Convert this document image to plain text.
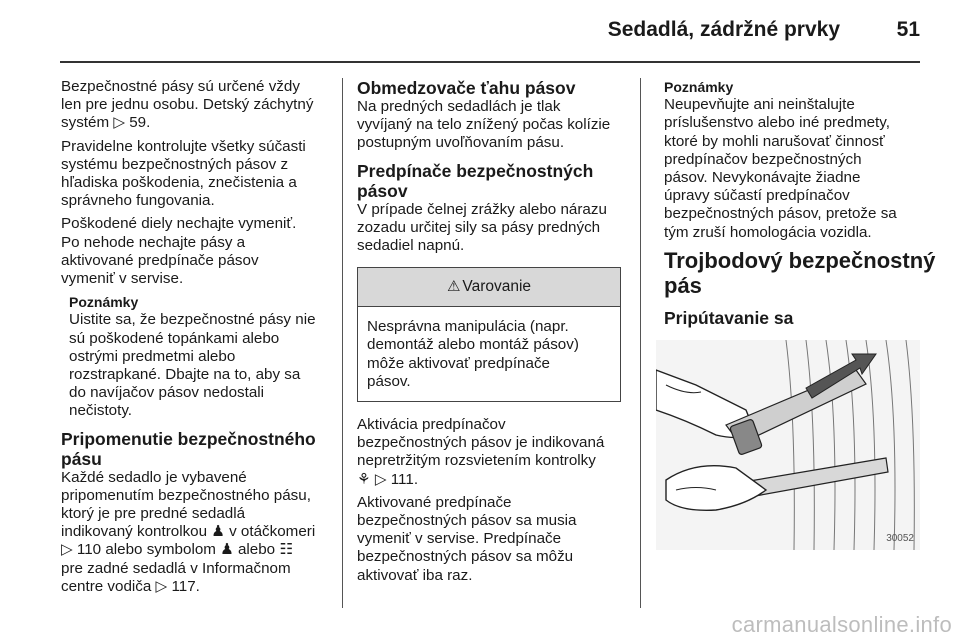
Sedadlá, zádržné prvky	51

Bezpečnostné pásy sú určené vždy
len pre jednu osobu. Detský záchytný
systém ▷ 59.

Pravidelne kontrolujte všetky súčasti
systému bezpečnostných pásov z
hľadiska poškodenia, znečistenia a
správneho fungovania.

Poškodené diely nechajte vymeniť.
Po nehode nechajte pásy a
aktivované predpínače pásov
vymeniť v servise.

Poznámky
Uistite sa, že bezpečnostné pásy nie
sú poškodené topánkami alebo
ostrými predmetmi alebo
rozstrapkané. Dbajte na to, aby sa
do navíjačov pásov nedostali
nečistoty.
Pripomenutie bezpečnostného
pásu

Každé sedadlo je vybavené
pripomenutím bezpečnostného pásu,
ktorý je pre predné sedadlá
indikovaný kontrolkou ♟ v otáčkomeri
▷ 110 alebo symbolom ♟ alebo ☷
pre zadné sedadlá v Informačnom
centre vodiča ▷ 117.

Obmedzovače ťahu pásov

Na predných sedadlách je tlak
vyvíjaný na telo znížený počas kolízie
postupným uvoľňovaním pásu.

Predpínače bezpečnostných
pásov

V prípade čelnej zrážky alebo nárazu
zozadu určitej sily sa pásy predných
sedadiel napnú.

⚠ Varovanie
Nesprávna manipulácia (napr.
demontáž alebo montáž pásov)
môže aktivovať predpínače
pásov.

Aktivácia predpínačov
bezpečnostných pásov je indikovaná
nepretržitým rozsvietením kontrolky
⚘ ▷ 111.

Aktivované predpínače
bezpečnostných pásov sa musia
vymeniť v servise. Predpínače
bezpečnostných pásov sa môžu
aktivovať iba raz.

Poznámky
Neupevňujte ani neinštalujte
príslušenstvo alebo iné predmety,
ktoré by mohli narušovať činnosť
predpínačov bezpečnostných
pásov. Nevykonávajte žiadne
úpravy súčastí predpínačov
bezpečnostných pásov, pretože sa
tým zruší homologácia vozidla.
Trojbodový bezpečnostný
pás
Pripútavanie sa
30052
carmanualsonline.info
